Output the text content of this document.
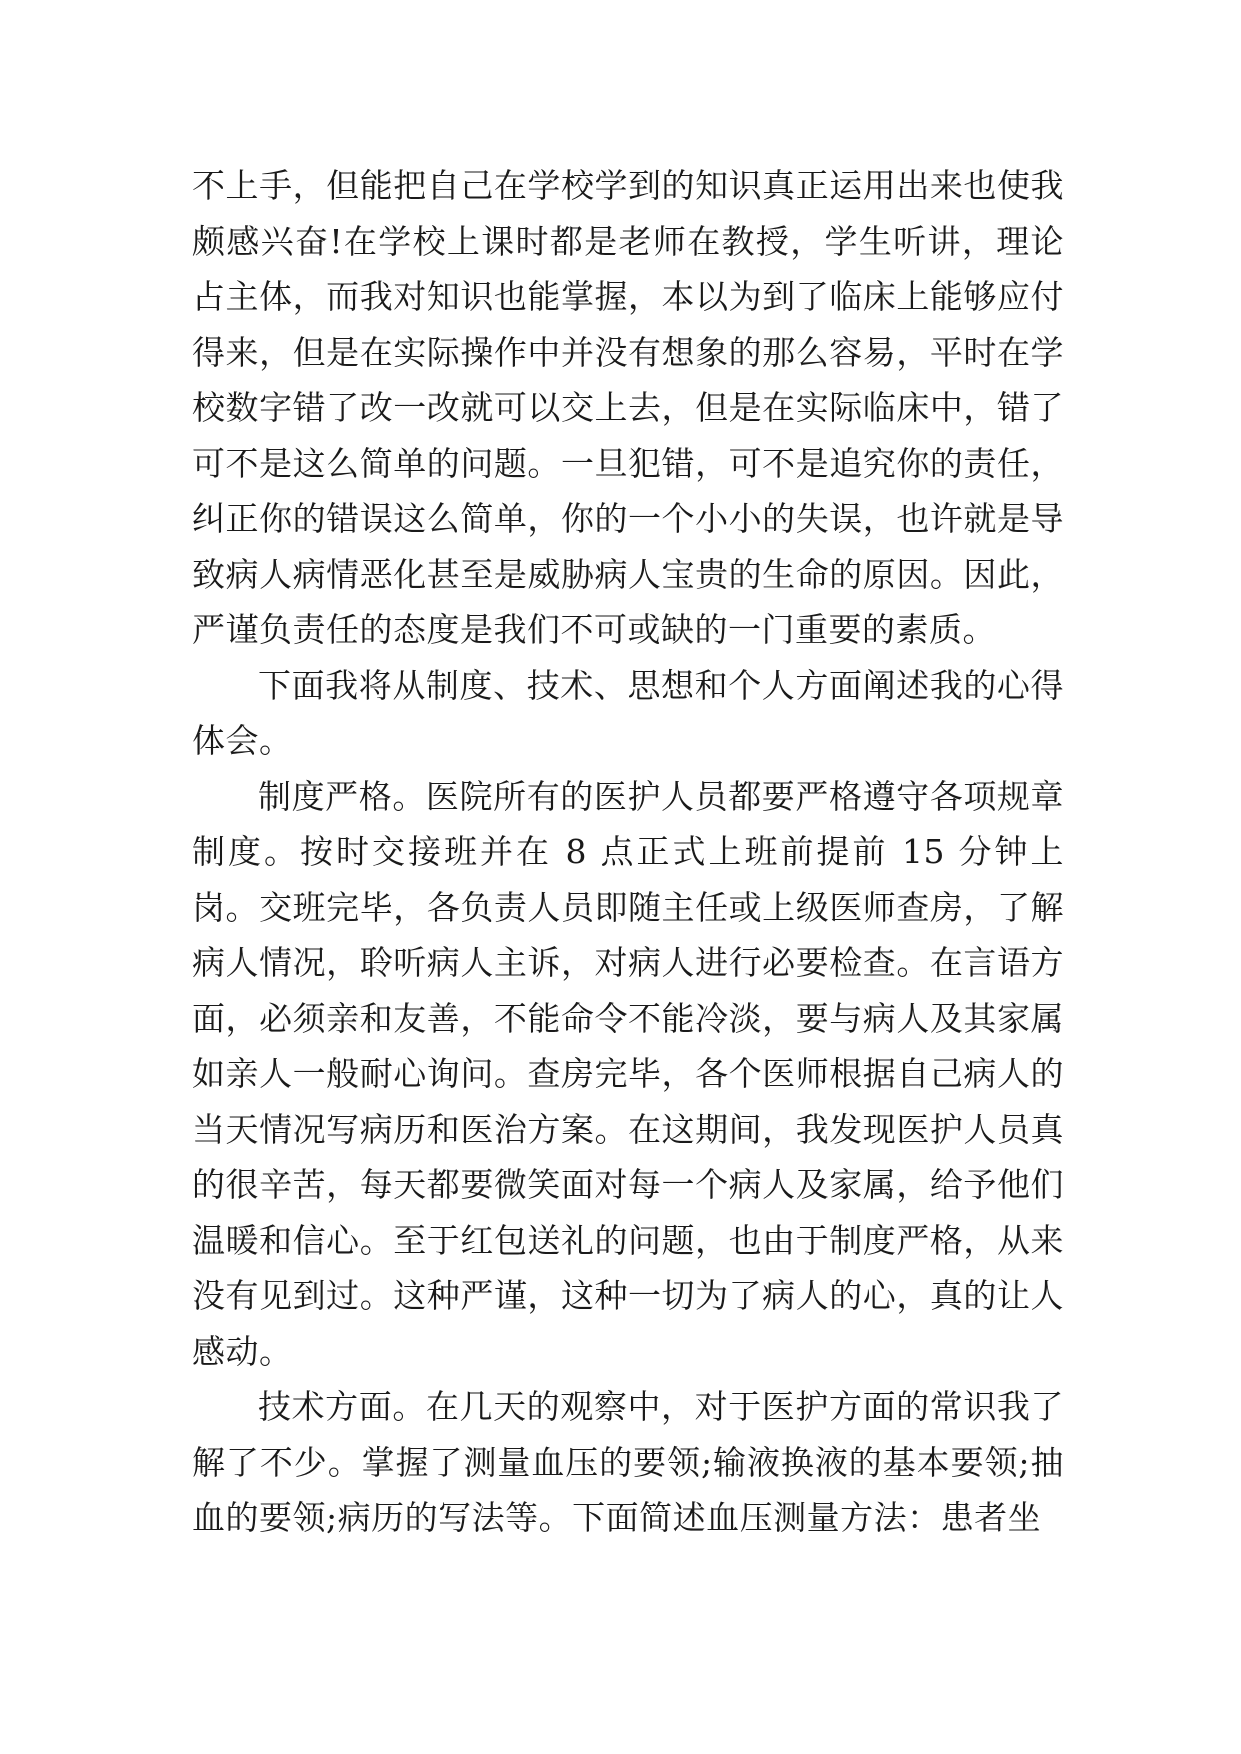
不上手，但能把自己在学校学到的知识真正运用出来也使我颇感兴奋!在学校上课时都是老师在教授，学生听讲，理论占主体，而我对知识也能掌握，本以为到了临床上能够应付得来，但是在实际操作中并没有想象的那么容易，平时在学校数字错了改一改就可以交上去，但是在实际临床中，错了可不是这么简单的问题。一旦犯错，可不是追究你的责任，纠正你的错误这么简单，你的一个小小的失误，也许就是导致病人病情恶化甚至是威胁病人宝贵的生命的原因。因此，严谨负责任的态度是我们不可或缺的一门重要的素质。

下面我将从制度、技术、思想和个人方面阐述我的心得体会。

制度严格。医院所有的医护人员都要严格遵守各项规章制度。按时交接班并在 8 点正式上班前提前 15 分钟上岗。交班完毕，各负责人员即随主任或上级医师查房，了解病人情况，聆听病人主诉，对病人进行必要检查。在言语方面，必须亲和友善，不能命令不能冷淡，要与病人及其家属如亲人一般耐心询问。查房完毕，各个医师根据自己病人的当天情况写病历和医治方案。在这期间，我发现医护人员真的很辛苦，每天都要微笑面对每一个病人及家属，给予他们温暖和信心。至于红包送礼的问题，也由于制度严格，从来没有见到过。这种严谨，这种一切为了病人的心，真的让人感动。

技术方面。在几天的观察中，对于医护方面的常识我了解了不少。掌握了测量血压的要领;输液换液的基本要领;抽血的要领;病历的写法等。下面简述血压测量方法：患者坐
